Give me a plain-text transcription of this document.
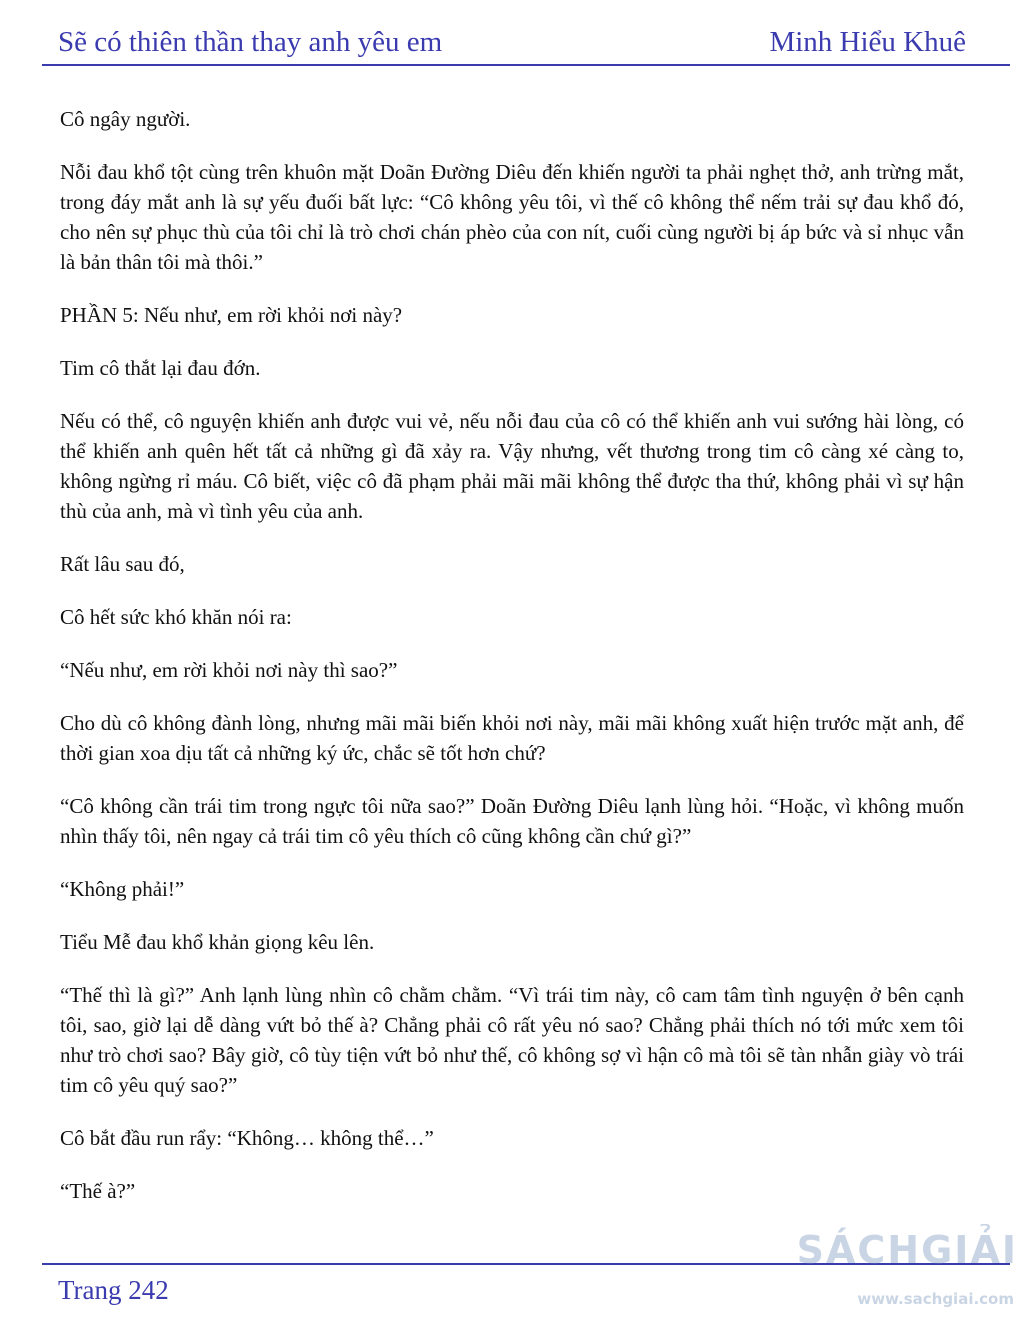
Sẽ có thiên thần thay anh yêu em	Minh Hiểu Khuê

Cô ngây người.

Nỗi đau khổ tột cùng trên khuôn mặt Doãn Đường Diêu đến khiến người ta phải nghẹt thở, anh trừng mắt, trong đáy mắt anh là sự yếu đuối bất lực: “Cô không yêu tôi, vì thế cô không thể nếm trải sự đau khổ đó, cho nên sự phục thù của tôi chỉ là trò chơi chán phèo của con nít, cuối cùng người bị áp bức và sỉ nhục vẫn là bản thân tôi mà thôi.”

PHẦN 5: Nếu như, em rời khỏi nơi này?

Tim cô thắt lại đau đớn.

Nếu có thể, cô nguyện khiến anh được vui vẻ, nếu nỗi đau của cô có thể khiến anh vui sướng hài lòng, có thể khiến anh quên hết tất cả những gì đã xảy ra. Vậy nhưng, vết thương trong tim cô càng xé càng to, không ngừng rỉ máu. Cô biết, việc cô đã phạm phải mãi mãi không thể được tha thứ, không phải vì sự hận thù của anh, mà vì tình yêu của anh.

Rất lâu sau đó,

Cô hết sức khó khăn nói ra:

“Nếu như, em rời khỏi nơi này thì sao?”

Cho dù cô không đành lòng, nhưng mãi mãi biến khỏi nơi này, mãi mãi không xuất hiện trước mặt anh, để thời gian xoa dịu tất cả những ký ức, chắc sẽ tốt hơn chứ?

“Cô không cần trái tim trong ngực tôi nữa sao?” Doãn Đường Diêu lạnh lùng hỏi. “Hoặc, vì không muốn nhìn thấy tôi, nên ngay cả trái tim cô yêu thích cô cũng không cần chứ gì?”

“Không phải!”

Tiểu Mễ đau khổ khản giọng kêu lên.

“Thế thì là gì?” Anh lạnh lùng nhìn cô chằm chằm. “Vì trái tim này, cô cam tâm tình nguyện ở bên cạnh tôi, sao, giờ lại dễ dàng vứt bỏ thế à? Chẳng phải cô rất yêu nó sao? Chẳng phải thích nó tới mức xem tôi như trò chơi sao? Bây giờ, cô tùy tiện vứt bỏ như thế, cô không sợ vì hận cô mà tôi sẽ tàn nhẫn giày vò trái tim cô yêu quý sao?”

Cô bắt đầu run rẩy: “Không… không thể…”

“Thế à?”

Trang 242
SÁCHGIẢI
www.sachgiai.com
